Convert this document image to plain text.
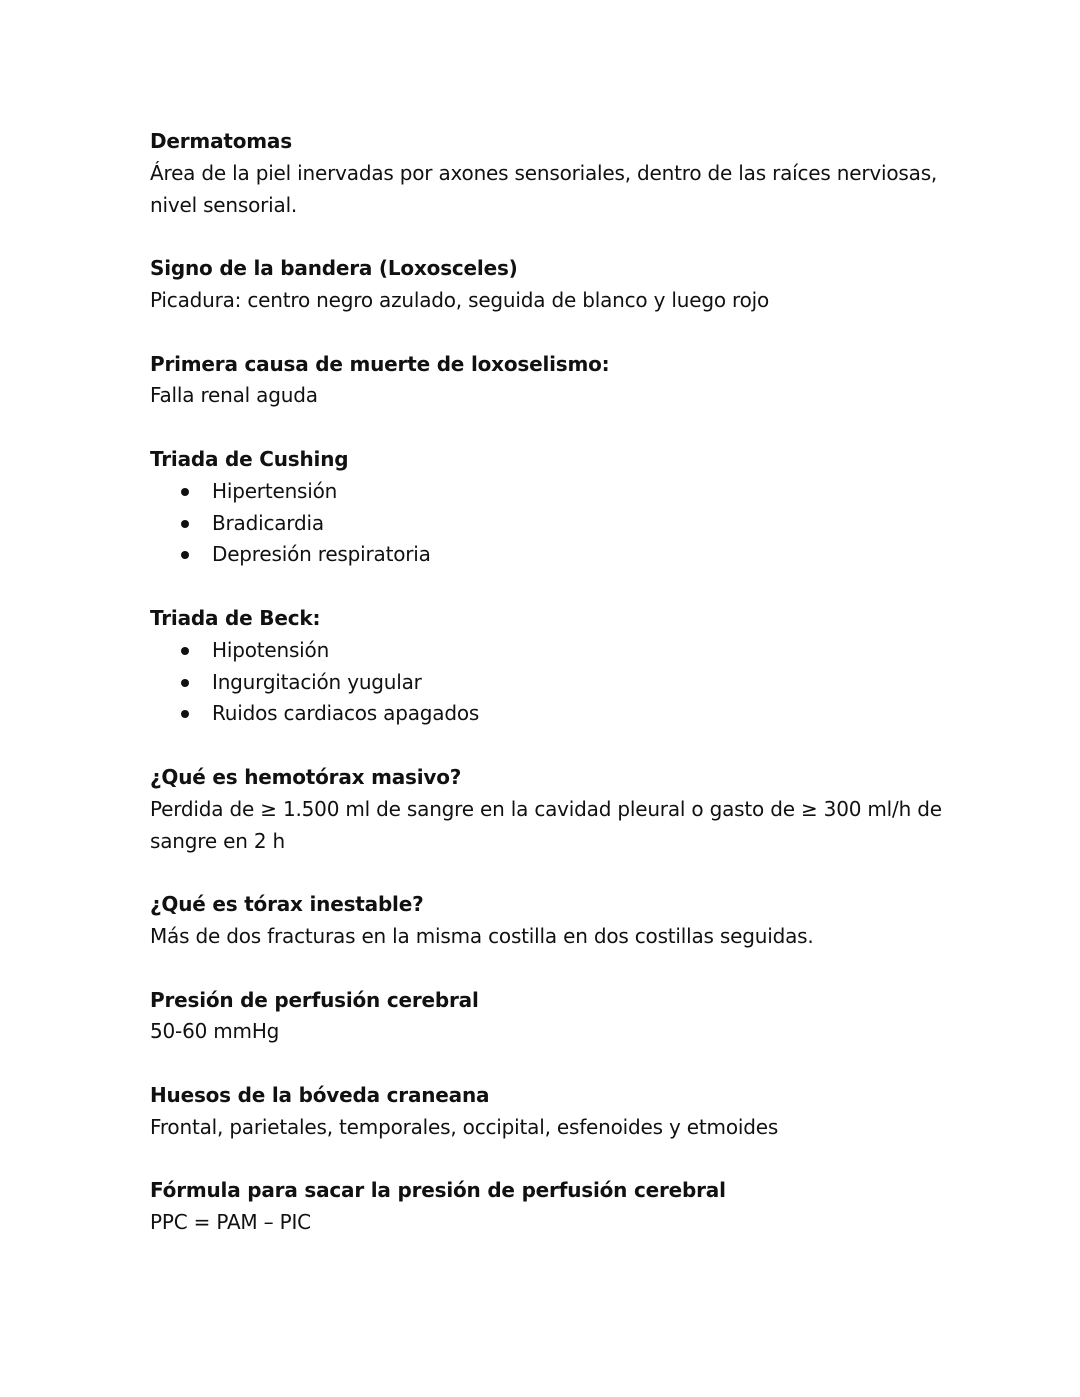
Dermatomas
Área de la piel inervadas por axones sensoriales, dentro de las raíces nerviosas,
nivel sensorial.
Signo de la bandera (Loxosceles)
Picadura: centro negro azulado, seguida de blanco y luego rojo
Primera causa de muerte de loxoselismo:
Falla renal aguda
Triada de Cushing
Hipertensión
Bradicardia
Depresión respiratoria
Triada de Beck:
Hipotensión
Ingurgitación yugular
Ruidos cardiacos apagados
¿Qué es hemotórax masivo?
Perdida de ≥ 1.500 ml de sangre en la cavidad pleural o gasto de ≥ 300 ml/h de
sangre en 2 h
¿Qué es tórax inestable?
Más de dos fracturas en la misma costilla en dos costillas seguidas.
Presión de perfusión cerebral
50-60 mmHg
Huesos de la bóveda craneana
Frontal, parietales, temporales, occipital, esfenoides y etmoides
Fórmula para sacar la presión de perfusión cerebral
PPC = PAM – PIC
